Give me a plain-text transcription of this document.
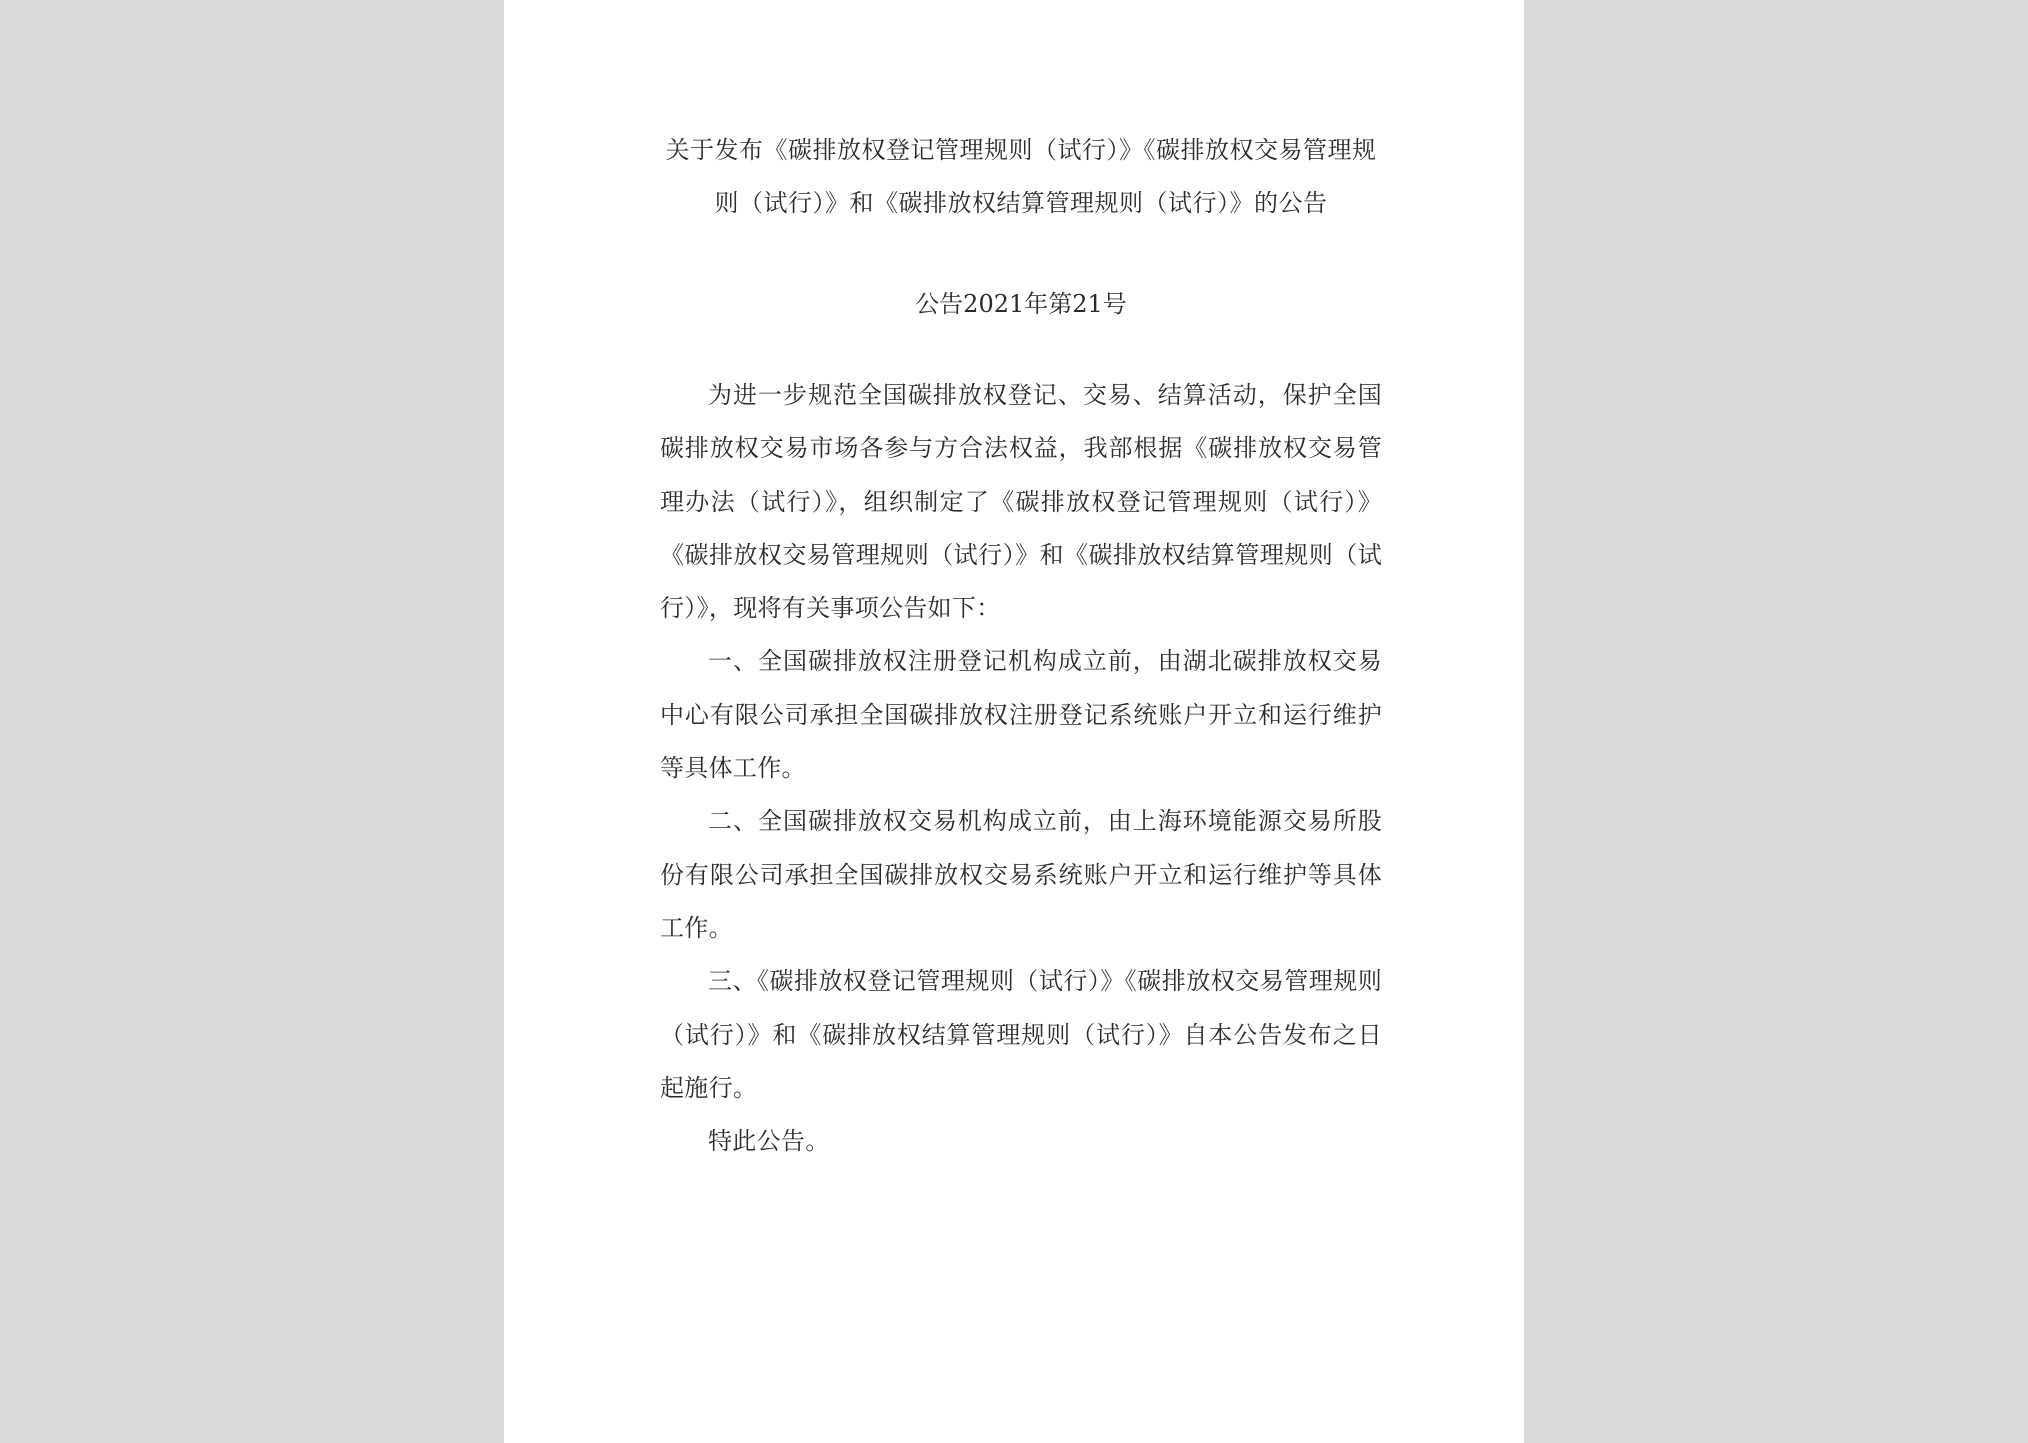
关于发布《碳排放权登记管理规则（试行）》《碳排放权交易管理规
则（试行）》和《碳排放权结算管理规则（试行）》的公告
公告2021年第21号

为进一步规范全国碳排放权登记、交易、结算活动，保护全国碳排放权交易市场各参与方合法权益，我部根据《碳排放权交易管理办法（试行）》，组织制定了《碳排放权登记管理规则（试行）》《碳排放权交易管理规则（试行）》和《碳排放权结算管理规则（试行）》，现将有关事项公告如下：

一、全国碳排放权注册登记机构成立前，由湖北碳排放权交易中心有限公司承担全国碳排放权注册登记系统账户开立和运行维护等具体工作。

二、全国碳排放权交易机构成立前，由上海环境能源交易所股份有限公司承担全国碳排放权交易系统账户开立和运行维护等具体工作。

三、《碳排放权登记管理规则（试行）》《碳排放权交易管理规则（试行）》和《碳排放权结算管理规则（试行）》自本公告发布之日起施行。

特此公告。
